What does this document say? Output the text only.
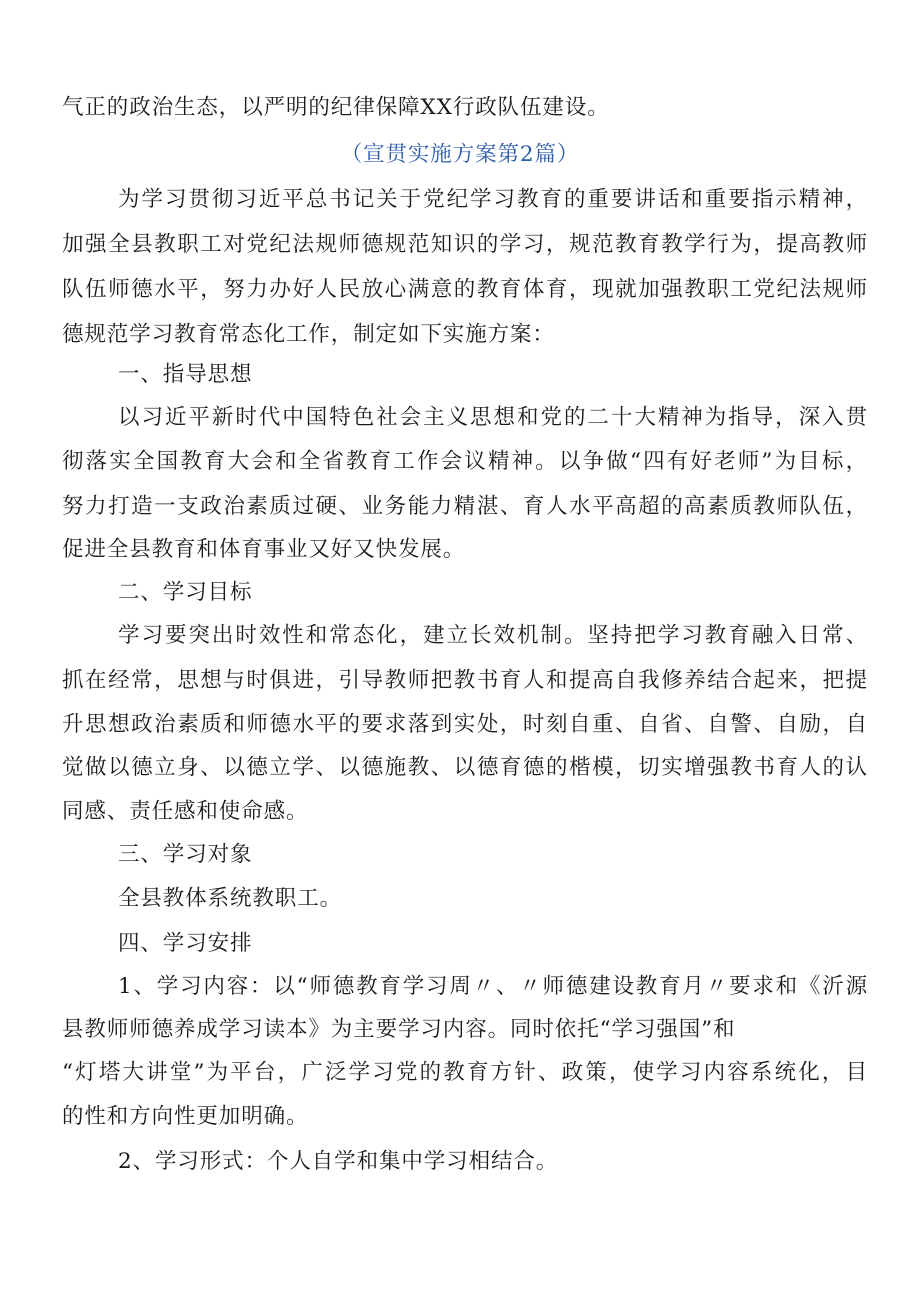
气正的政治生态，以严明的纪律保障XX行政队伍建设。
（宣贯实施方案第2篇）
为学习贯彻习近平总书记关于党纪学习教育的重要讲话和重要指示精神，
加强全县教职工对党纪法规师德规范知识的学习，规范教育教学行为，提高教师
队伍师德水平，努力办好人民放心满意的教育体育，现就加强教职工党纪法规师
德规范学习教育常态化工作，制定如下实施方案：
一、指导思想
以习近平新时代中国特色社会主义思想和党的二十大精神为指导，深入贯
彻落实全国教育大会和全省教育工作会议精神。以争做“四有好老师”为目标，
努力打造一支政治素质过硬、业务能力精湛、育人水平高超的高素质教师队伍，
促进全县教育和体育事业又好又快发展。
二、学习目标
学习要突出时效性和常态化，建立长效机制。坚持把学习教育融入日常、
抓在经常，思想与时俱进，引导教师把教书育人和提高自我修养结合起来，把提
升思想政治素质和师德水平的要求落到实处，时刻自重、自省、自警、自励，自
觉做以德立身、以德立学、以德施教、以德育德的楷模，切实增强教书育人的认
同感、责任感和使命感。
三、学习对象
全县教体系统教职工。
四、学习安排
1、学习内容：以“师德教育学习周〃、〃师德建设教育月〃要求和《沂源
县教师师德养成学习读本》为主要学习内容。同时依托“学习强国”和
“灯塔大讲堂”为平台，广泛学习党的教育方针、政策，使学习内容系统化，目
的性和方向性更加明确。
2、学习形式：个人自学和集中学习相结合。
